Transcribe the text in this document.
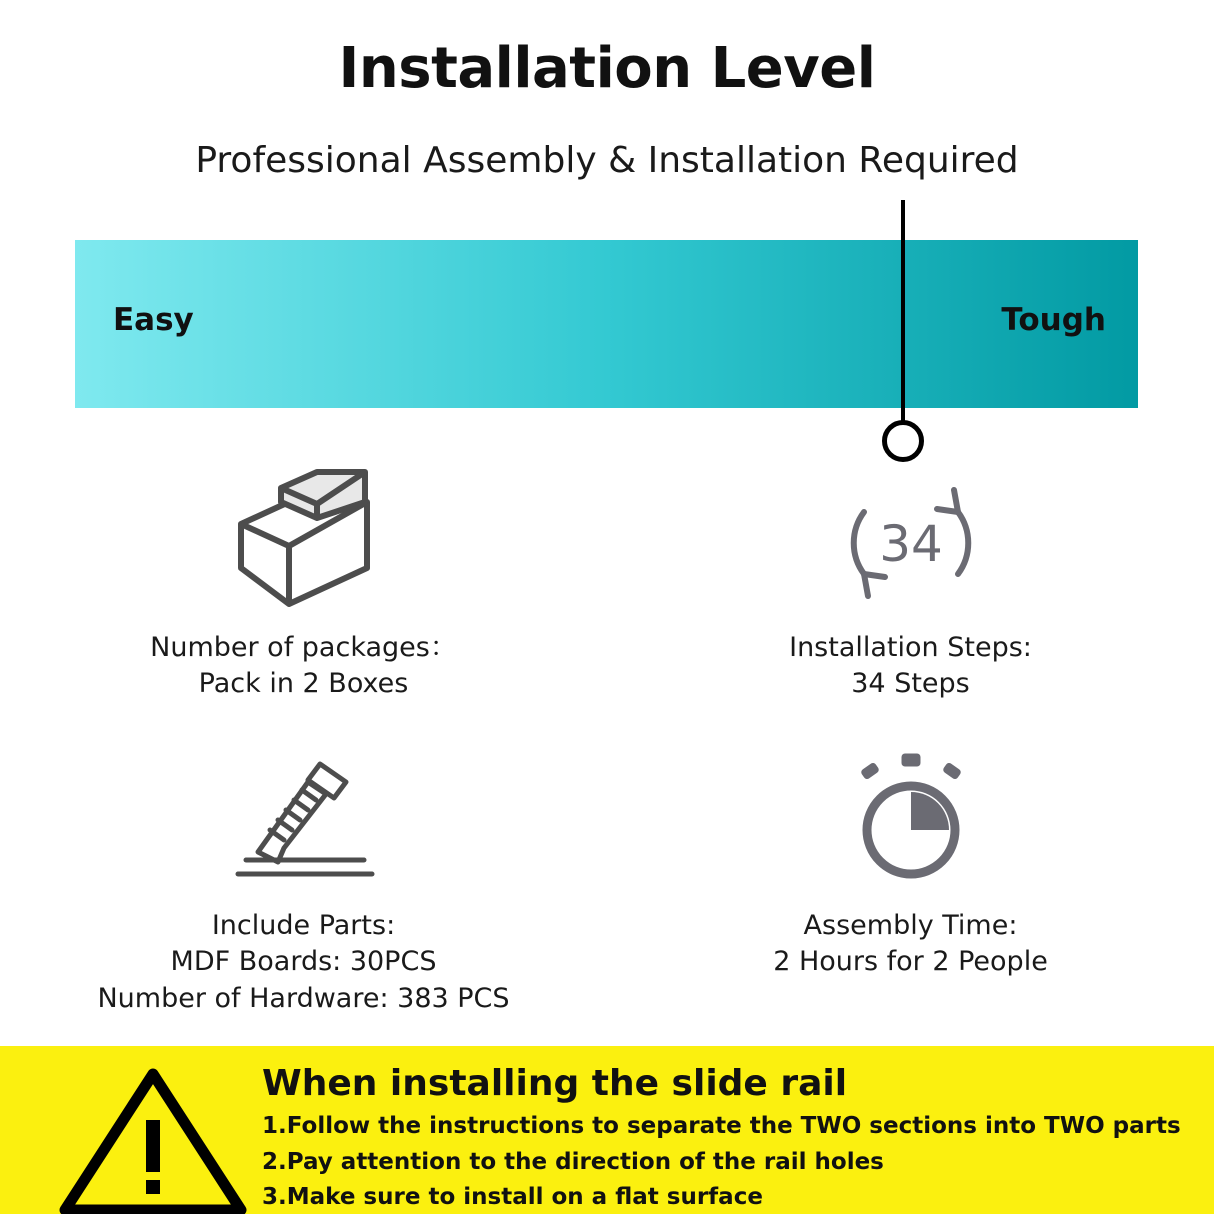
Installation Level
Professional Assembly & Installation Required
Easy	Tough
Number of packages：
Pack in 2 Boxes
34
Installation Steps:
34 Steps
Include Parts:
MDF Boards: 30PCS
Number of Hardware: 383 PCS
Assembly Time:
2 Hours for 2 People
When installing the slide rail
1.Follow the instructions to separate the TWO sections into TWO parts
2.Pay attention to the direction of the rail holes
3.Make sure to install on a flat surface
